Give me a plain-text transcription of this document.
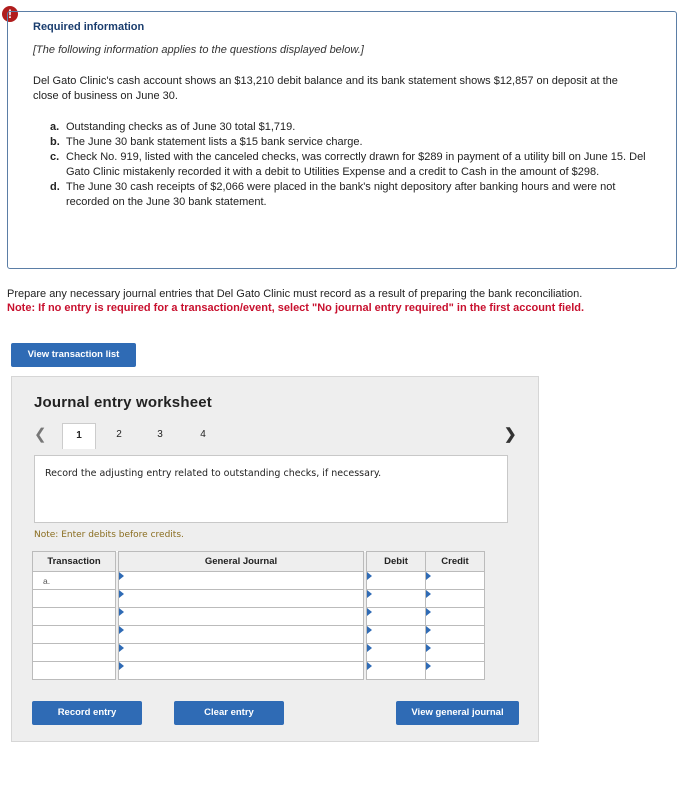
!
Required information
[The following information applies to the questions displayed below.]
Del Gato Clinic's cash account shows an $13,210 debit balance and its bank statement shows $12,857 on deposit at the close of business on June 30.
a. Outstanding checks as of June 30 total $1,719.
b. The June 30 bank statement lists a $15 bank service charge.
c. Check No. 919, listed with the canceled checks, was correctly drawn for $289 in payment of a utility bill on June 15. Del Gato Clinic mistakenly recorded it with a debit to Utilities Expense and a credit to Cash in the amount of $298.
d. The June 30 cash receipts of $2,066 were placed in the bank's night depository after banking hours and were not recorded on the June 30 bank statement.
Prepare any necessary journal entries that Del Gato Clinic must record as a result of preparing the bank reconciliation.
Note: If no entry is required for a transaction/event, select "No journal entry required" in the first account field.
View transaction list
Journal entry worksheet
❮	1	2	3	4	❯
Record the adjusting entry related to outstanding checks, if necessary.
Note: Enter debits before credits.
Transaction		General Journal		Debit	Credit
a.		

Record entry	Clear entry	View general journal
